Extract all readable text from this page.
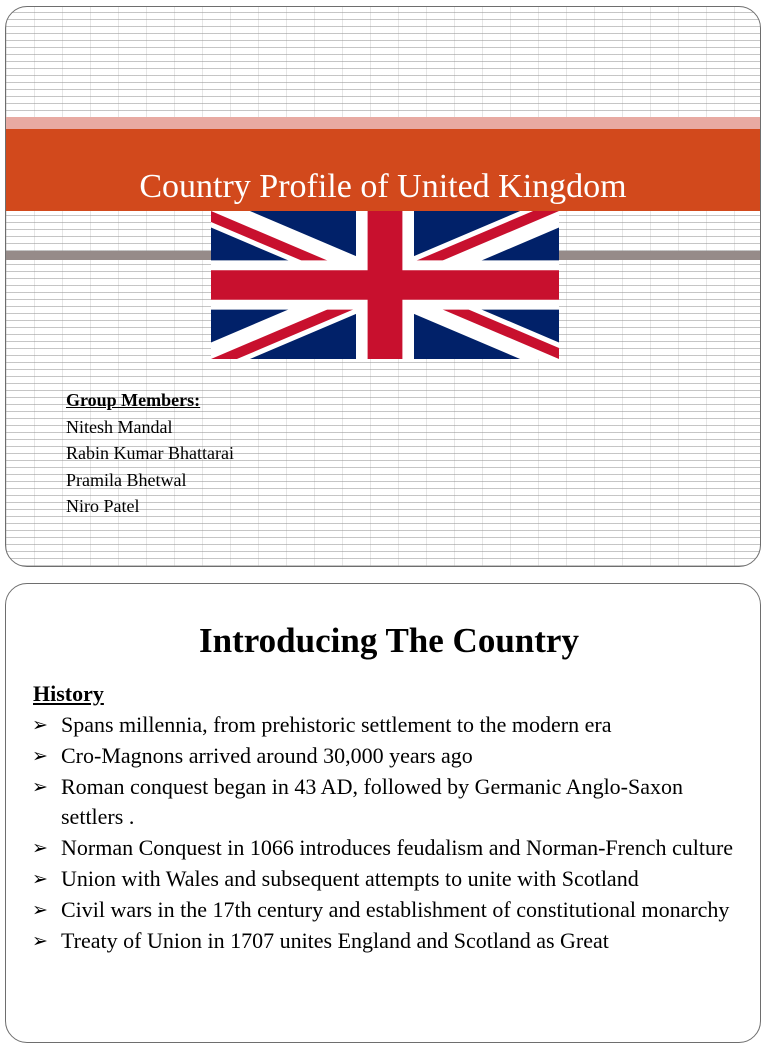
Country Profile of United Kingdom
Group Members:
Nitesh Mandal
Rabin Kumar Bhattarai
Pramila Bhetwal
Niro Patel
Introducing The Country
History
➢ Spans millennia, from prehistoric settlement to the modern era
➢ Cro-Magnons arrived around 30,000 years ago
➢ Roman conquest began in 43 AD, followed by Germanic Anglo-Saxon settlers .
➢ Norman Conquest in 1066 introduces feudalism and Norman-French culture
➢ Union with Wales and subsequent attempts to unite with Scotland
➢ Civil wars in the 17th century and establishment of constitutional monarchy
➢ Treaty of Union in 1707 unites England and Scotland as Great
